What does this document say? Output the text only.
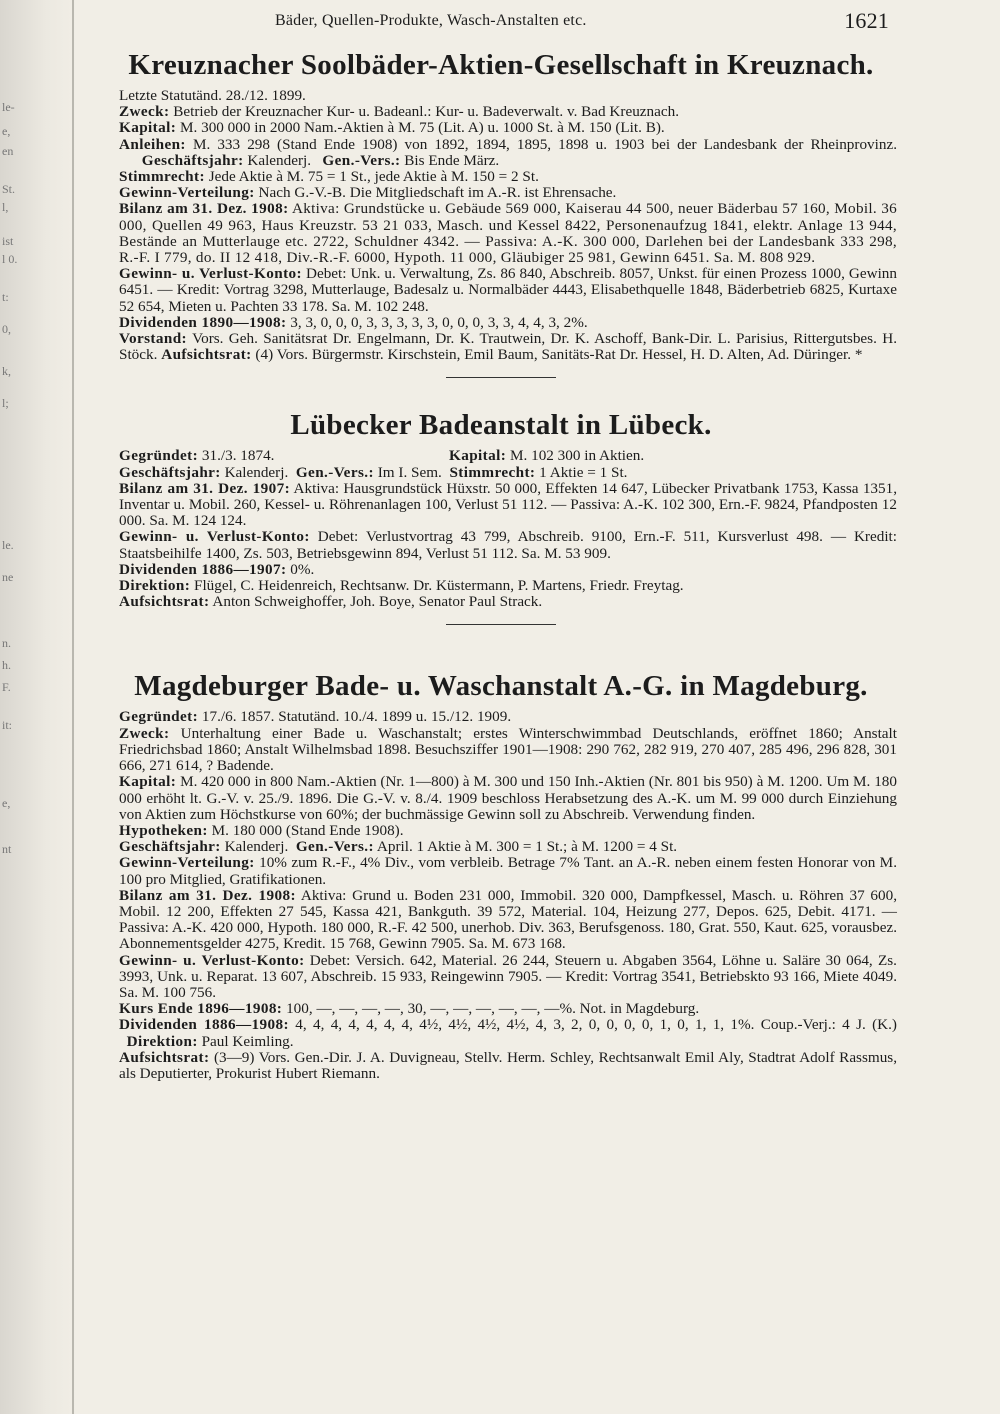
le-
e,
en
St.
l,
ist
l 0.
t:
0,
k,
l;
le.
ne
n.
h.
F.
it:
e,
nt
Bäder, Quellen-Produkte, Wasch-Anstalten etc.	1621
Kreuznacher Soolbäder-Aktien-Gesellschaft in Kreuznach.

Letzte Statutänd. 28./12. 1899.

Zweck: Betrieb der Kreuznacher Kur- u. Badeanl.: Kur- u. Badeverwalt. v. Bad Kreuznach.

Kapital: M. 300 000 in 2000 Nam.-Aktien à M. 75 (Lit. A) u. 1000 St. à M. 150 (Lit. B).

Anleihen: M. 333 298 (Stand Ende 1908) von 1892, 1894, 1895, 1898 u. 1903 bei der Landesbank der Rheinprovinz.       Geschäftsjahr: Kalenderj. Gen.-Vers.: Bis Ende März.

Stimmrecht: Jede Aktie à M. 75 = 1 St., jede Aktie à M. 150 = 2 St.

Gewinn-Verteilung: Nach G.-V.-B. Die Mitgliedschaft im A.-R. ist Ehrensache.

Bilanz am 31. Dez. 1908: Aktiva: Grundstücke u. Gebäude 569 000, Kaiserau 44 500, neuer Bäderbau 57 160, Mobil. 36 000, Quellen 49 963, Haus Kreuzstr. 53 21 033, Masch. und Kessel 8422, Personenaufzug 1841, elektr. Anlage 13 944, Bestände an Mutterlauge etc. 2722, Schuldner 4342. — Passiva: A.-K. 300 000, Darlehen bei der Landesbank 333 298, R.-F. I 779, do. II 12 418, Div.-R.-F. 6000, Hypoth. 11 000, Gläubiger 25 981, Gewinn 6451. Sa. M. 808 929.

Gewinn- u. Verlust-Konto: Debet: Unk. u. Verwaltung, Zs. 86 840, Abschreib. 8057, Unkst. für einen Prozess 1000, Gewinn 6451. — Kredit: Vortrag 3298, Mutterlauge, Badesalz u. Normalbäder 4443, Elisabethquelle 1848, Bäderbetrieb 6825, Kurtaxe 52 654, Mieten u. Pachten 33 178. Sa. M. 102 248.

Dividenden 1890—1908: 3, 3, 0, 0, 0, 3, 3, 3, 3, 3, 0, 0, 0, 3, 3, 4, 4, 3, 2%.

Vorstand: Vors. Geh. Sanitätsrat Dr. Engelmann, Dr. K. Trautwein, Dr. K. Aschoff, Bank-Dir. L. Parisius, Rittergutsbes. H. Stöck. Aufsichtsrat: (4) Vors. Bürgermstr. Kirschstein, Emil Baum, Sanitäts-Rat Dr. Hessel, H. D. Alten, Ad. Düringer. *

Lübecker Badeanstalt in Lübeck.

Gegründet: 31./3. 1874.	Kapital: M. 102 300 in Aktien.

Geschäftsjahr: Kalenderj. Gen.-Vers.: Im I. Sem. Stimmrecht: 1 Aktie = 1 St.

Bilanz am 31. Dez. 1907: Aktiva: Hausgrundstück Hüxstr. 50 000, Effekten 14 647, Lübecker Privatbank 1753, Kassa 1351, Inventar u. Mobil. 260, Kessel- u. Röhrenanlagen 100, Verlust 51 112. — Passiva: A.-K. 102 300, Ern.-F. 9824, Pfandposten 12 000. Sa. M. 124 124.

Gewinn- u. Verlust-Konto: Debet: Verlustvortrag 43 799, Abschreib. 9100, Ern.-F. 511, Kursverlust 498. — Kredit: Staatsbeihilfe 1400, Zs. 503, Betriebsgewinn 894, Verlust 51 112. Sa. M. 53 909.

Dividenden 1886—1907: 0%.

Direktion: Flügel, C. Heidenreich, Rechtsanw. Dr. Küstermann, P. Martens, Friedr. Freytag.

Aufsichtsrat: Anton Schweighoffer, Joh. Boye, Senator Paul Strack.

Magdeburger Bade- u. Waschanstalt A.-G. in Magdeburg.

Gegründet: 17./6. 1857. Statutänd. 10./4. 1899 u. 15./12. 1909.

Zweck: Unterhaltung einer Bade u. Waschanstalt; erstes Winterschwimmbad Deutschlands, eröffnet 1860; Anstalt Friedrichsbad 1860; Anstalt Wilhelmsbad 1898. Besuchsziffer 1901—1908: 290 762, 282 919, 270 407, 285 496, 296 828, 301 666, 271 614, ? Badende.

Kapital: M. 420 000 in 800 Nam.-Aktien (Nr. 1—800) à M. 300 und 150 Inh.-Aktien (Nr. 801 bis 950) à M. 1200. Um M. 180 000 erhöht lt. G.-V. v. 25./9. 1896. Die G.-V. v. 8./4. 1909 beschloss Herabsetzung des A.-K. um M. 99 000 durch Einziehung von Aktien zum Höchstkurse von 60%; der buchmässige Gewinn soll zu Abschreib. Verwendung finden.

Hypotheken: M. 180 000 (Stand Ende 1908).

Geschäftsjahr: Kalenderj. Gen.-Vers.: April. 1 Aktie à M. 300 = 1 St.; à M. 1200 = 4 St.

Gewinn-Verteilung: 10% zum R.-F., 4% Div., vom verbleib. Betrage 7% Tant. an A.-R. neben einem festen Honorar von M. 100 pro Mitglied, Gratifikationen.

Bilanz am 31. Dez. 1908: Aktiva: Grund u. Boden 231 000, Immobil. 320 000, Dampfkessel, Masch. u. Röhren 37 600, Mobil. 12 200, Effekten 27 545, Kassa 421, Bankguth. 39 572, Material. 104, Heizung 277, Depos. 625, Debit. 4171. — Passiva: A.-K. 420 000, Hypoth. 180 000, R.-F. 42 500, unerhob. Div. 363, Berufsgenoss. 180, Grat. 550, Kaut. 625, vorausbez. Abonnementsgelder 4275, Kredit. 15 768, Gewinn 7905. Sa. M. 673 168.

Gewinn- u. Verlust-Konto: Debet: Versich. 642, Material. 26 244, Steuern u. Abgaben 3564, Löhne u. Saläre 30 064, Zs. 3993, Unk. u. Reparat. 13 607, Abschreib. 15 933, Reingewinn 7905. — Kredit: Vortrag 3541, Betriebskto 93 166, Miete 4049. Sa. M. 100 756.

Kurs Ende 1896—1908: 100, —, —, —, —, 30, —, —, —, —, —, —%. Not. in Magdeburg.

Dividenden 1886—1908: 4, 4, 4, 4, 4, 4, 4, 4½, 4½, 4½, 4½, 4, 3, 2, 0, 0, 0, 0, 1, 0, 1, 1, 1%. Coup.-Verj.: 4 J. (K.)   Direktion: Paul Keimling.

Aufsichtsrat: (3—9) Vors. Gen.-Dir. J. A. Duvigneau, Stellv. Herm. Schley, Rechtsanwalt Emil Aly, Stadtrat Adolf Rassmus, als Deputierter, Prokurist Hubert Riemann.
